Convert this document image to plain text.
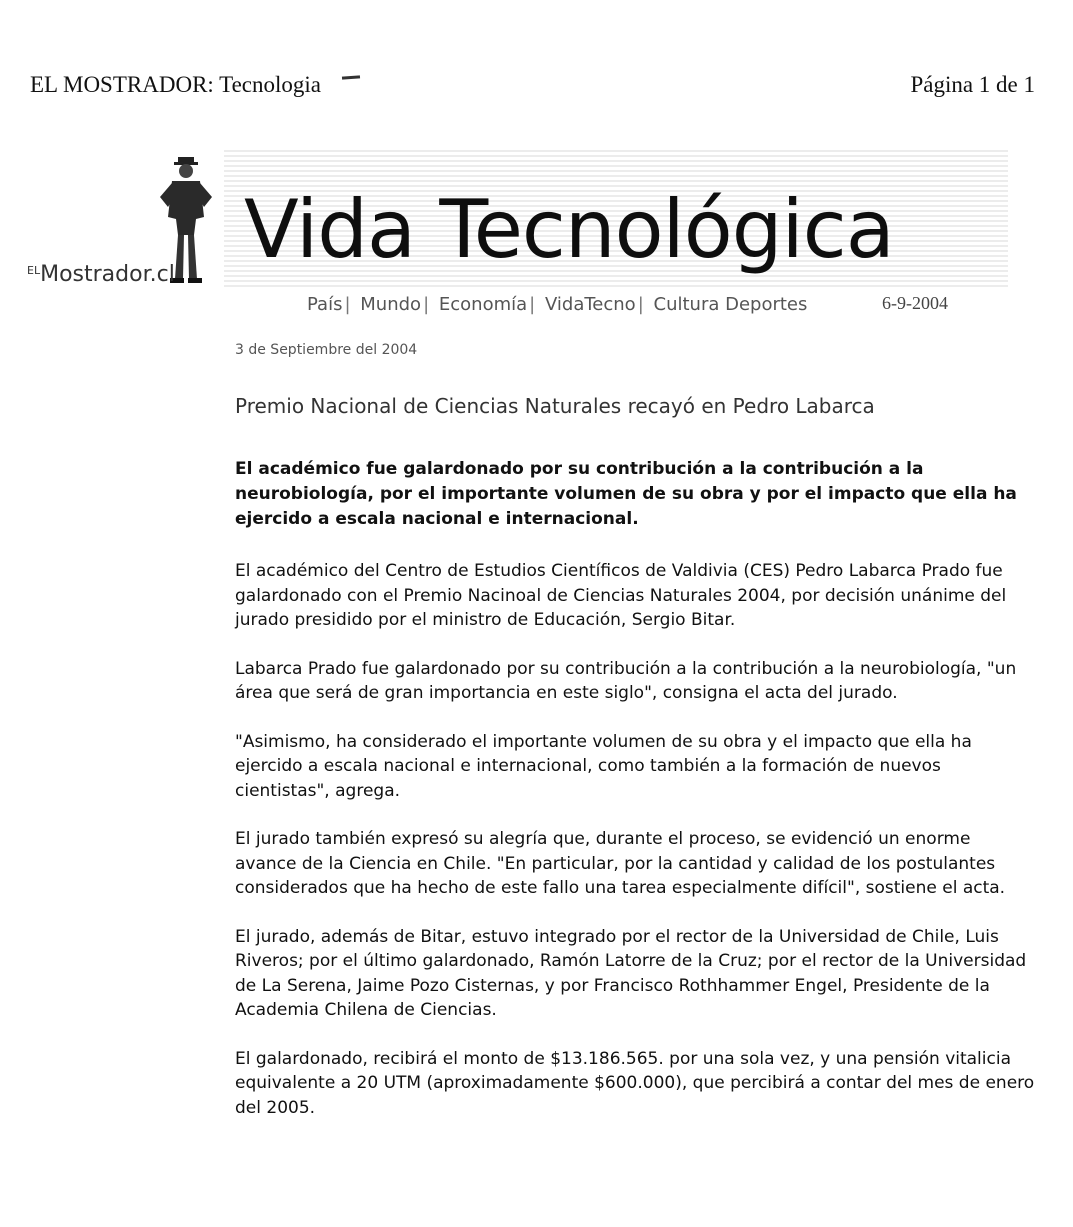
EL MOSTRADOR: Tecnologia	Página 1 de 1
$^{EL}$Mostrador.cl Vida Tecnológica
País | Mundo | Economía | VidaTecno | Cultura Deportes	6-9-2004
3 de Septiembre del 2004
Premio Nacional de Ciencias Naturales recayó en Pedro Labarca
El académico fue galardonado por su contribución a la contribución a la neurobiología, por el importante volumen de su obra y por el impacto que ella ha ejercido a escala nacional e internacional.

El académico del Centro de Estudios Científicos de Valdivia (CES) Pedro Labarca Prado fue galardonado con el Premio Nacinoal de Ciencias Naturales 2004, por decisión unánime del jurado presidido por el ministro de Educación, Sergio Bitar.

Labarca Prado fue galardonado por su contribución a la contribución a la neurobiología, "un área que será de gran importancia en este siglo", consigna el acta del jurado.

"Asimismo, ha considerado el importante volumen de su obra y el impacto que ella ha ejercido a escala nacional e internacional, como también a la formación de nuevos cientistas", agrega.

El jurado también expresó su alegría que, durante el proceso, se evidenció un enorme avance de la Ciencia en Chile. "En particular, por la cantidad y calidad de los postulantes considerados que ha hecho de este fallo una tarea especialmente difícil", sostiene el acta.

El jurado, además de Bitar, estuvo integrado por el rector de la Universidad de Chile, Luis Riveros; por el último galardonado, Ramón Latorre de la Cruz; por el rector de la Universidad de La Serena, Jaime Pozo Cisternas, y por Francisco Rothhammer Engel, Presidente de la Academia Chilena de Ciencias.

El galardonado, recibirá el monto de $13.186.565. por una sola vez, y una pensión vitalicia equivalente a 20 UTM (aproximadamente $600.000), que percibirá a contar del mes de enero del 2005.
